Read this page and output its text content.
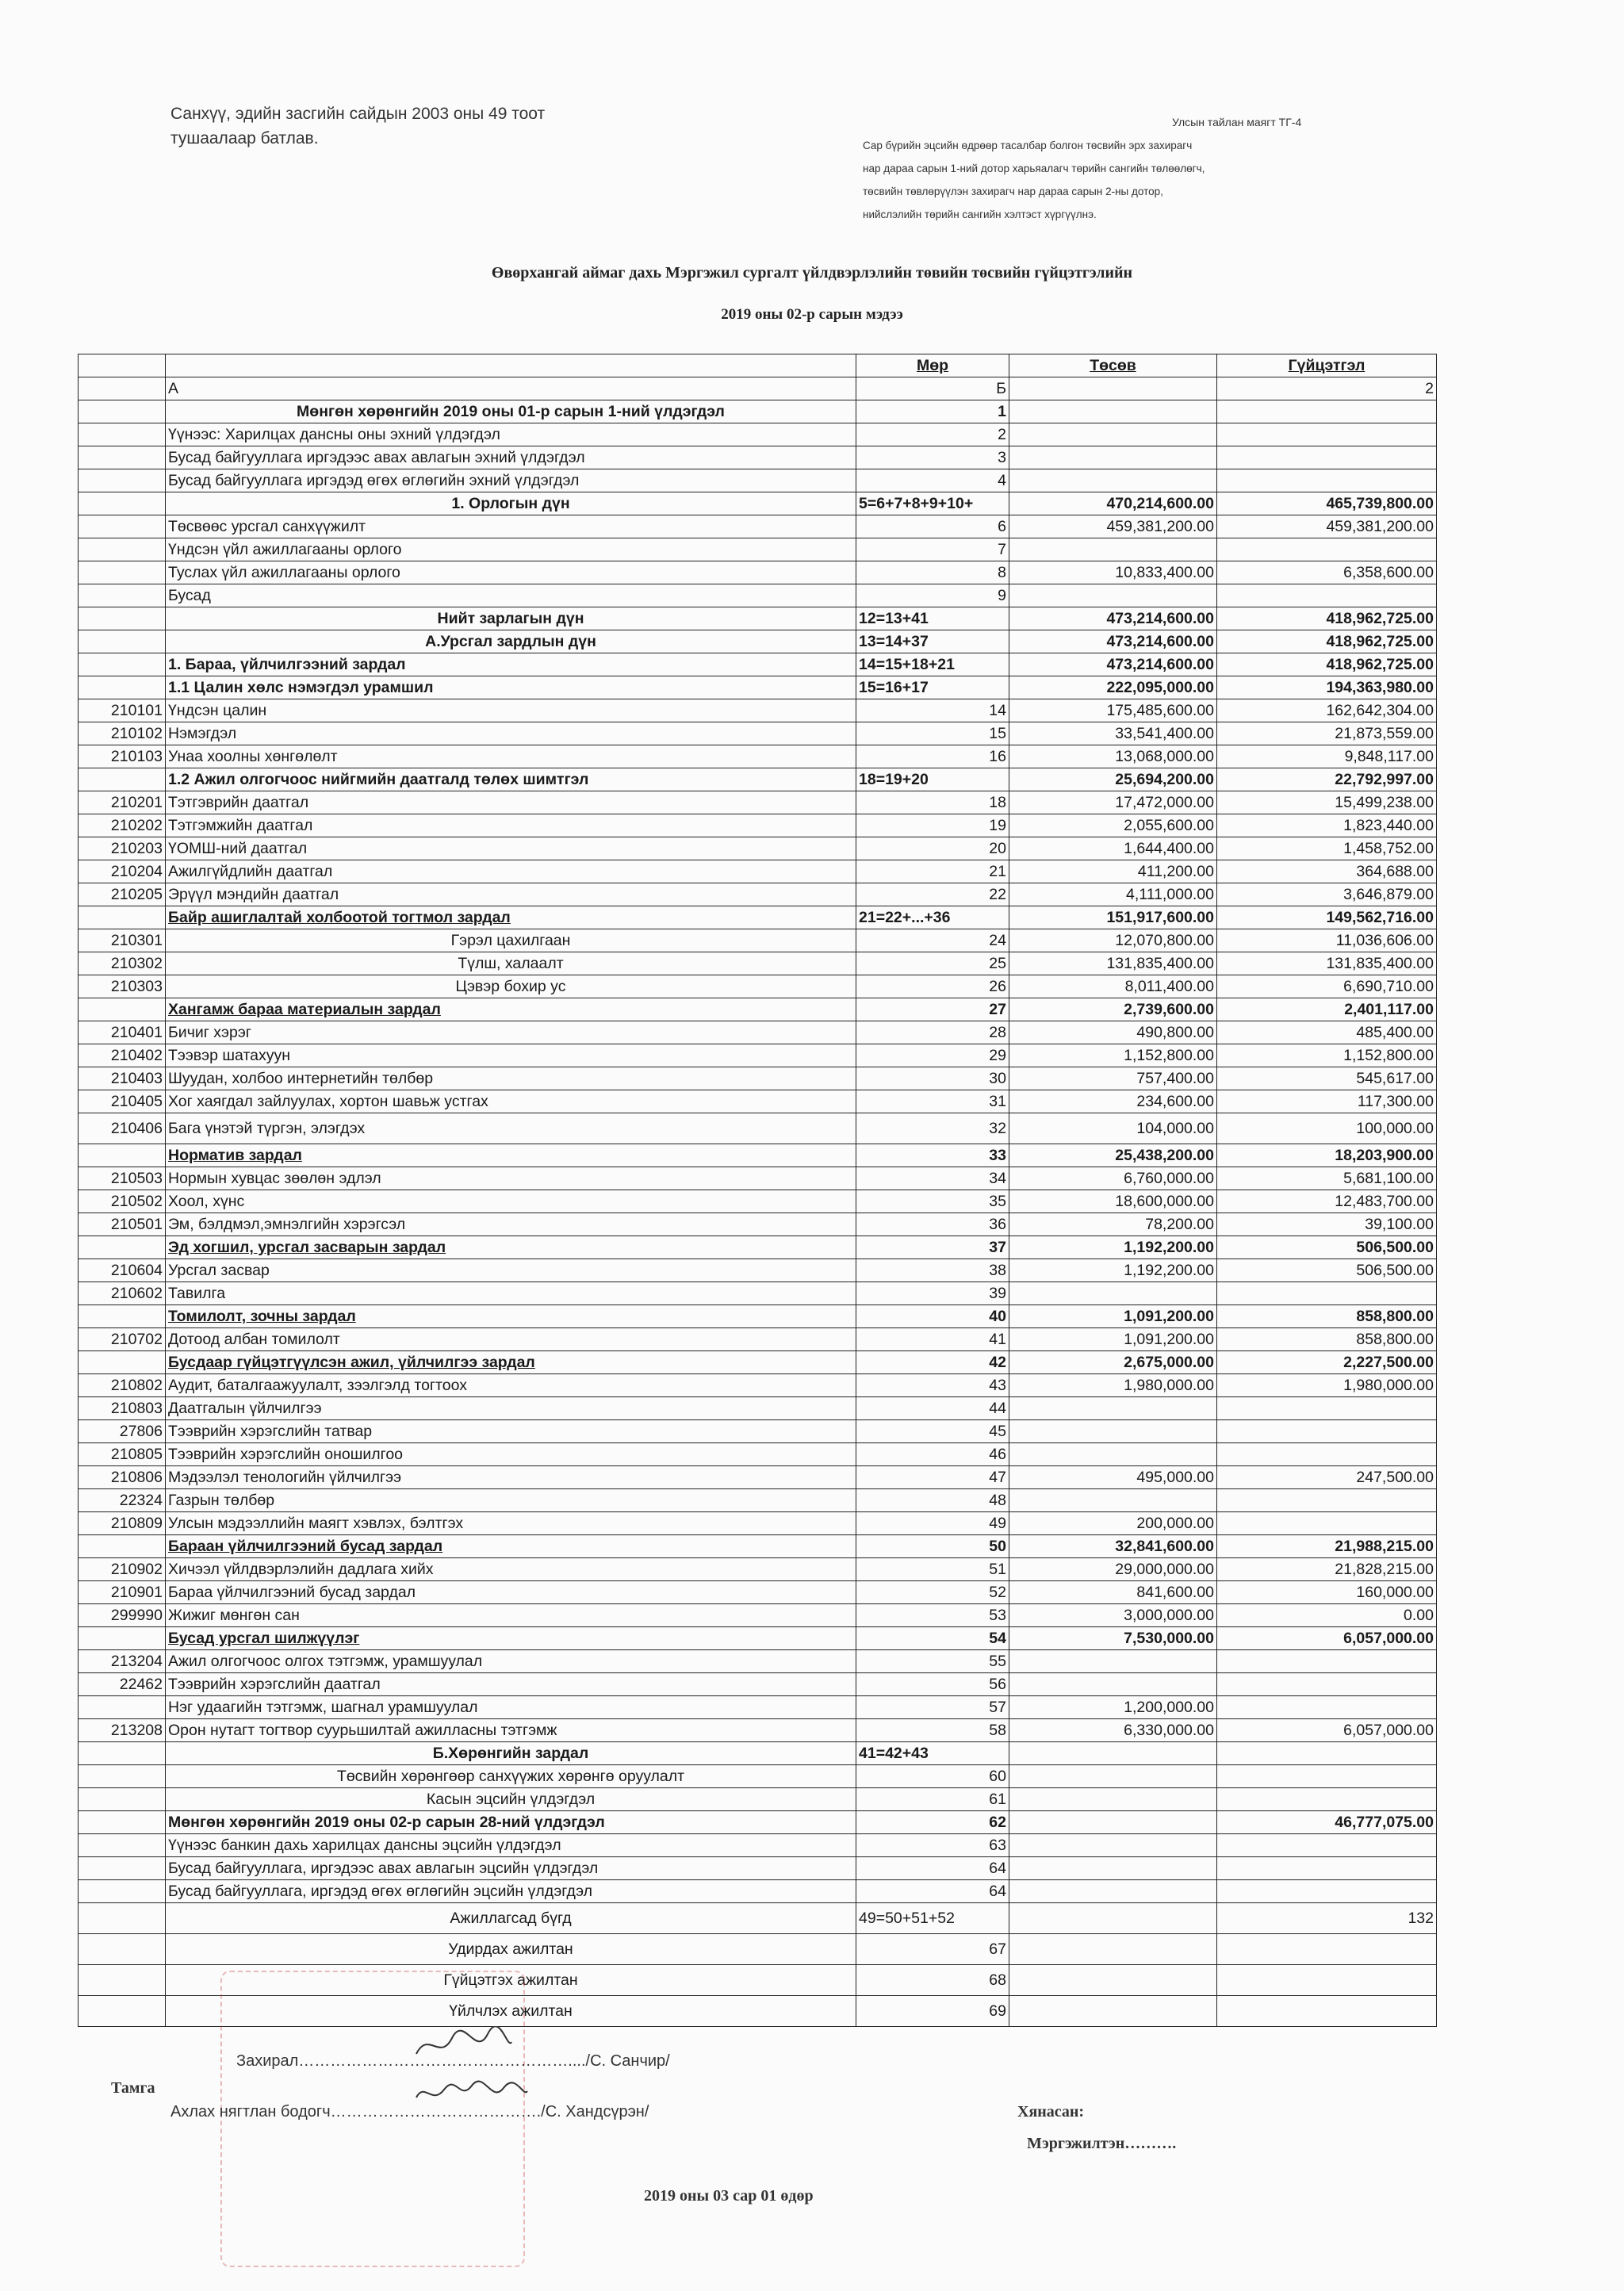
Санхүү, эдийн засгийн сайдын 2003 оны 49 тоот
тушаалаар батлав.
Улсын тайлан маягт ТГ-4
Сар бүрийн эцсийн өдрөөр тасалбар болгон төсвийн эрх захирагч
нар дараа сарын 1-ний дотор харьяалагч төрийн сангийн төлөөлөгч,
төсвийн төвлөрүүлэн захирагч нар дараа сарын 2-ны дотор,
нийслэлийн төрийн сангийн хэлтэст хүргүүлнэ.
Өвөрхангай аймаг дахь Мэргэжил сургалт үйлдвэрлэлийн төвийн төсвийн гүйцэтгэлийн
2019 оны 02-р сарын мэдээ
		Мөр	Төсөв	Гүйцэтгэл
	А	Б		2
	Мөнгөн хөрөнгийн 2019 оны 01-р сарын 1-ний үлдэгдэл	1		
	Үүнээс: Харилцах дансны оны эхний үлдэгдэл	2		
	Бусад байгууллага иргэдээс авах авлагын эхний үлдэгдэл	3		
	Бусад байгууллага иргэдэд өгөх өглөгийн эхний үлдэгдэл	4		
	1. Орлогын дүн	5=6+7+8+9+10+	470,214,600.00	465,739,800.00
	Төсвөөс урсгал санхүүжилт	6	459,381,200.00	459,381,200.00
	Үндсэн үйл ажиллагааны орлого	7		
	Туслах үйл ажиллагааны орлого	8	10,833,400.00	6,358,600.00
	Бусад	9		
	Нийт зарлагын дүн	12=13+41	473,214,600.00	418,962,725.00
	А.Урсгал зардлын дүн	13=14+37	473,214,600.00	418,962,725.00
	1. Бараа, үйлчилгээний зардал	14=15+18+21	473,214,600.00	418,962,725.00
	1.1 Цалин хөлс нэмэгдэл урамшил	15=16+17	222,095,000.00	194,363,980.00
210101	Үндсэн цалин	14	175,485,600.00	162,642,304.00
210102	Нэмэгдэл	15	33,541,400.00	21,873,559.00
210103	Унаа хоолны хөнгөлөлт	16	13,068,000.00	9,848,117.00
	1.2 Ажил олгогчоос нийгмийн даатгалд төлөх шимтгэл	18=19+20	25,694,200.00	22,792,997.00
210201	Тэтгэврийн даатгал	18	17,472,000.00	15,499,238.00
210202	Тэтгэмжийн даатгал	19	2,055,600.00	1,823,440.00
210203	ҮОМШ-ний даатгал	20	1,644,400.00	1,458,752.00
210204	Ажилгүйдлийн даатгал	21	411,200.00	364,688.00
210205	Эрүүл мэндийн даатгал	22	4,111,000.00	3,646,879.00
	Байр ашиглалтай холбоотой тогтмол зардал	21=22+...+36	151,917,600.00	149,562,716.00
210301	Гэрэл цахилгаан	24	12,070,800.00	11,036,606.00
210302	Түлш, халаалт	25	131,835,400.00	131,835,400.00
210303	Цэвэр бохир ус	26	8,011,400.00	6,690,710.00
	Хангамж бараа материалын зардал	27	2,739,600.00	2,401,117.00
210401	Бичиг хэрэг	28	490,800.00	485,400.00
210402	Тээвэр шатахуун	29	1,152,800.00	1,152,800.00
210403	Шуудан, холбоо интернетийн төлбөр	30	757,400.00	545,617.00
210405	Хог хаягдал зайлуулах, хортон шавьж устгах	31	234,600.00	117,300.00
210406	Бага үнэтэй түргэн, элэгдэх	32	104,000.00	100,000.00
	Норматив зардал	33	25,438,200.00	18,203,900.00
210503	Нормын хувцас зөөлөн эдлэл	34	6,760,000.00	5,681,100.00
210502	Хоол, хүнс	35	18,600,000.00	12,483,700.00
210501	Эм, бэлдмэл,эмнэлгийн хэрэгсэл	36	78,200.00	39,100.00
	Эд хогшил, урсгал засварын зардал	37	1,192,200.00	506,500.00
210604	Урсгал засвар	38	1,192,200.00	506,500.00
210602	Тавилга	39		
	Томилолт, зочны зардал	40	1,091,200.00	858,800.00
210702	Дотоод албан томилолт	41	1,091,200.00	858,800.00
	Бусдаар гүйцэтгүүлсэн ажил, үйлчилгээ зардал	42	2,675,000.00	2,227,500.00
210802	Аудит, баталгаажуулалт, зээлгэлд тогтоох	43	1,980,000.00	1,980,000.00
210803	Даатгалын үйлчилгээ	44		
27806	Тээврийн хэрэгслийн татвар	45		
210805	Тээврийн хэрэгслийн оношилгоо	46		
210806	Мэдээлэл тенологийн үйлчилгээ	47	495,000.00	247,500.00
22324	Газрын төлбөр	48		
210809	Улсын мэдээллийн маягт хэвлэх, бэлтгэх	49	200,000.00	
	Бараан үйлчилгээний бусад зардал	50	32,841,600.00	21,988,215.00
210902	Хичээл үйлдвэрлэлийн дадлага хийх	51	29,000,000.00	21,828,215.00
210901	Бараа үйлчилгээний бусад зардал	52	841,600.00	160,000.00
299990	Жижиг мөнгөн сан	53	3,000,000.00	0.00
	Бусад урсгал шилжүүлэг	54	7,530,000.00	6,057,000.00
213204	Ажил олгогчоос олгох тэтгэмж, урамшуулал	55		
22462	Тээврийн хэрэгслийн даатгал	56		
	Нэг удаагийн тэтгэмж, шагнал урамшуулал	57	1,200,000.00	
213208	Орон нутагт тогтвор суурьшилтай ажилласны тэтгэмж	58	6,330,000.00	6,057,000.00
	Б.Хөрөнгийн зардал	41=42+43		
	Төсвийн хөрөнгөөр санхүүжих хөрөнгө оруулалт	60		
	Касын эцсийн үлдэгдэл	61		
	Мөнгөн хөрөнгийн 2019 оны 02-р сарын 28-ний үлдэгдэл	62		46,777,075.00
	Үүнээс банкин дахь харилцах дансны эцсийн үлдэгдэл	63		
	Бусад байгууллага, иргэдээс авах авлагын эцсийн үлдэгдэл	64		
	Бусад байгууллага, иргэдэд өгөх өглөгийн эцсийн үлдэгдэл	64		
	Ажиллагсад бүгд	49=50+51+52		132
	Удирдах ажилтан	67		
	Гүйцэтгэх ажилтан	68		
	Үйлчлэх ажилтан	69		
Тамга
Захирал……………………………………………..../С. Санчир/
Ахлах нягтлан бодогч…………………………………./С. Хандсүрэн/	Хянасан:
Мэргэжилтэн……….
2019 оны 03 сар 01 өдөр
